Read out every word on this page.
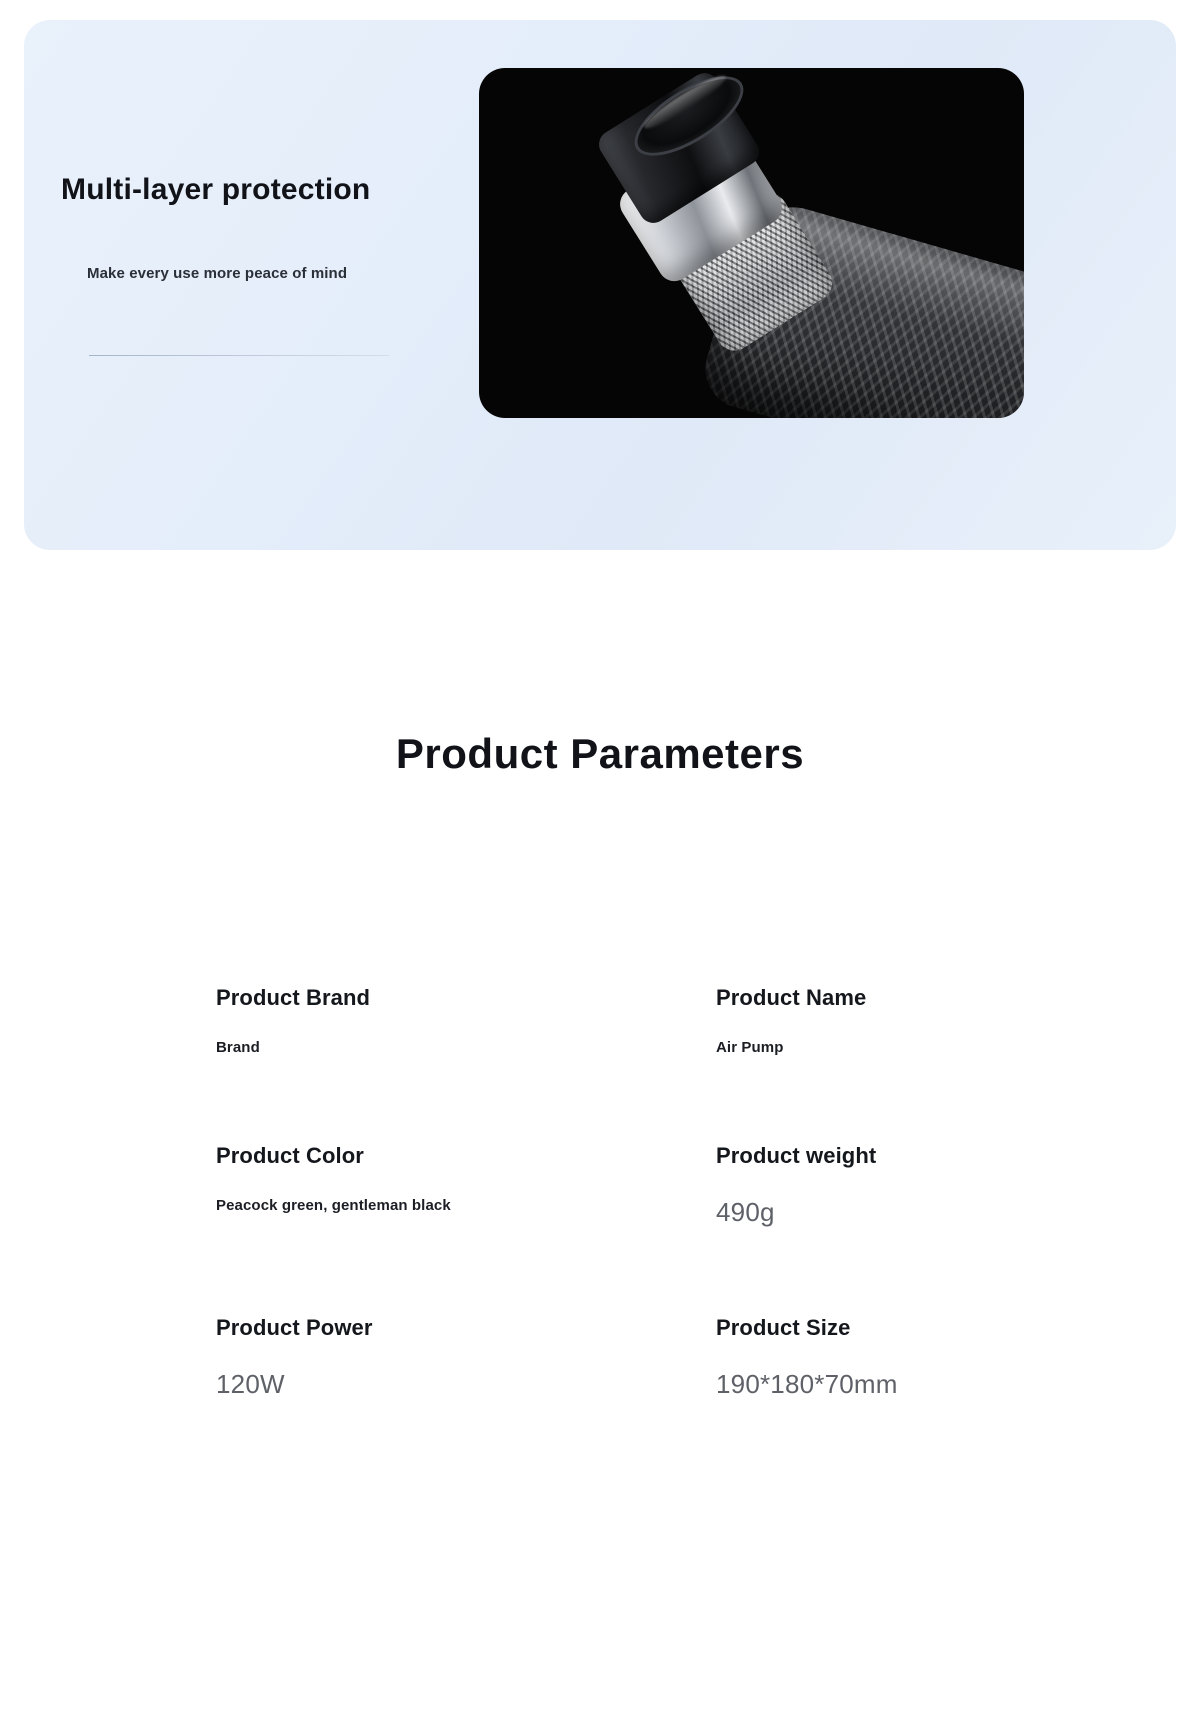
Multi-layer protection
Make every use more peace of mind
Product Parameters
Product Brand
Brand
Product Name
Air Pump
Product Color
Peacock green, gentleman black
Product weight
490g
Product Power
120W
Product Size
190*180*70mm
